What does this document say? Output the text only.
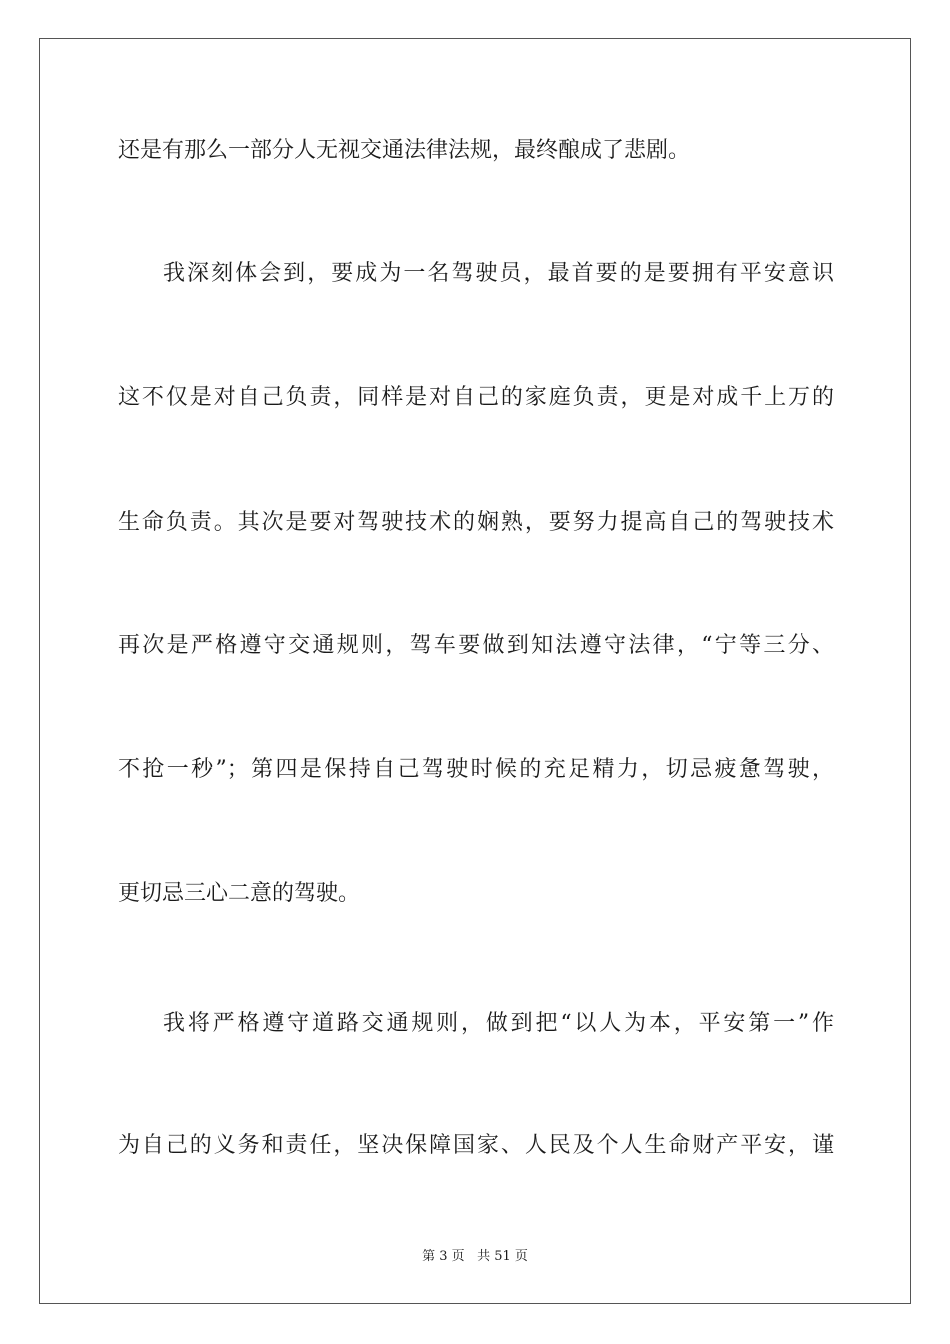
还是有那么一部分人无视交通法律法规，最终酿成了悲剧。
我深刻体会到，要成为一名驾驶员，最首要的是要拥有平安意识
这不仅是对自己负责，同样是对自己的家庭负责，更是对成千上万的
生命负责。其次是要对驾驶技术的娴熟，要努力提高自己的驾驶技术
再次是严格遵守交通规则，驾车要做到知法遵守法律，“宁等三分、
不抢一秒”；第四是保持自己驾驶时候的充足精力，切忌疲惫驾驶，
更切忌三心二意的驾驶。
我将严格遵守道路交通规则，做到把“以人为本，平安第一”作
为自己的义务和责任，坚决保障国家、人民及个人生命财产平安，谨
第 3 页 共 51 页
